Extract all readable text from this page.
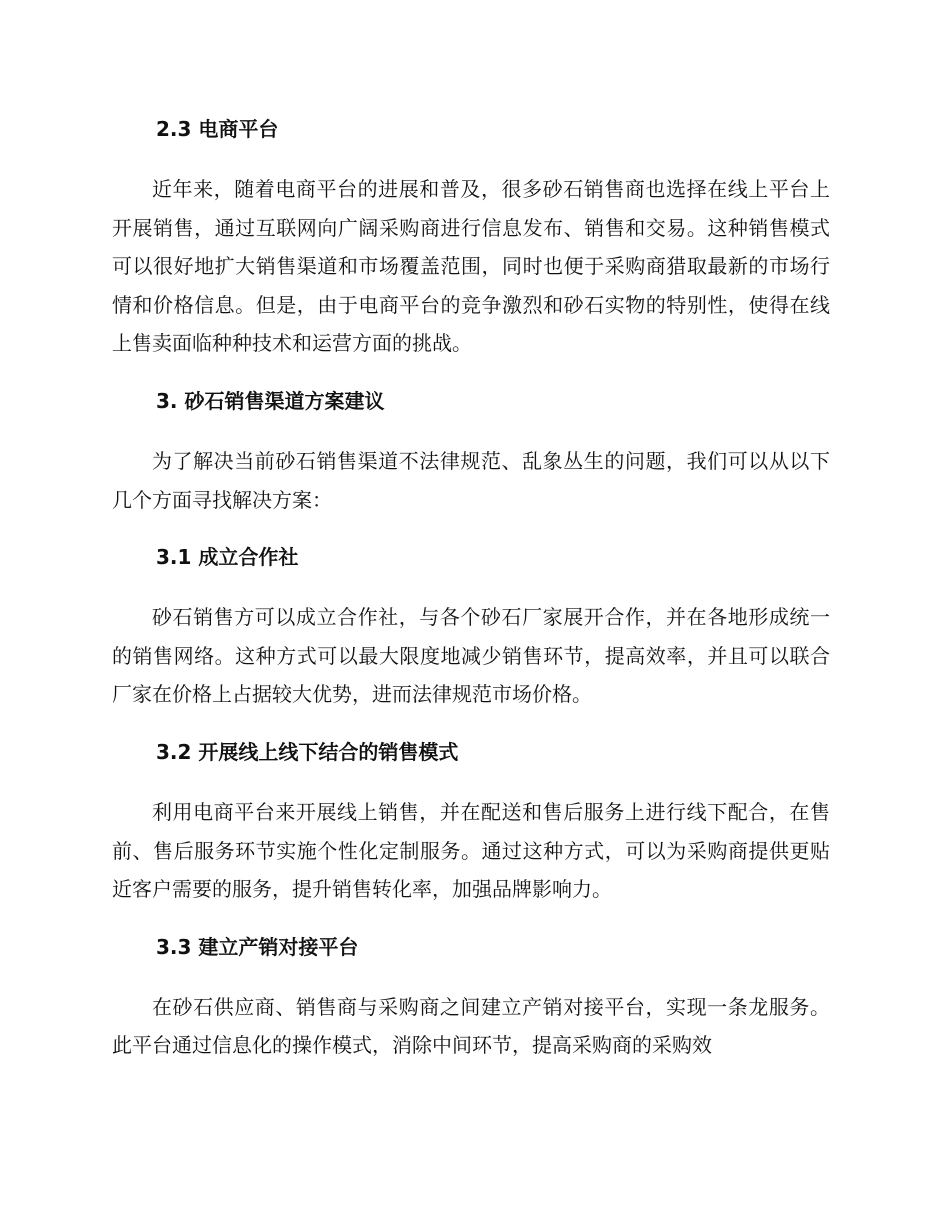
2.3 电商平台

近年来，随着电商平台的进展和普及，很多砂石销售商也选择在线上平台上开展销售，通过互联网向广阔采购商进行信息发布、销售和交易。这种销售模式可以很好地扩大销售渠道和市场覆盖范围，同时也便于采购商猎取最新的市场行情和价格信息。但是，由于电商平台的竞争激烈和砂石实物的特别性，使得在线上售卖面临种种技术和运营方面的挑战。

3. 砂石销售渠道方案建议

为了解决当前砂石销售渠道不法律规范、乱象丛生的问题，我们可以从以下几个方面寻找解决方案：

3.1 成立合作社

砂石销售方可以成立合作社，与各个砂石厂家展开合作，并在各地形成统一的销售网络。这种方式可以最大限度地减少销售环节，提高效率，并且可以联合厂家在价格上占据较大优势，进而法律规范市场价格。

3.2 开展线上线下结合的销售模式

利用电商平台来开展线上销售，并在配送和售后服务上进行线下配合，在售前、售后服务环节实施个性化定制服务。通过这种方式，可以为采购商提供更贴近客户需要的服务，提升销售转化率，加强品牌影响力。

3.3 建立产销对接平台

在砂石供应商、销售商与采购商之间建立产销对接平台，实现一条龙服务。此平台通过信息化的操作模式，消除中间环节，提高采购商的采购效
